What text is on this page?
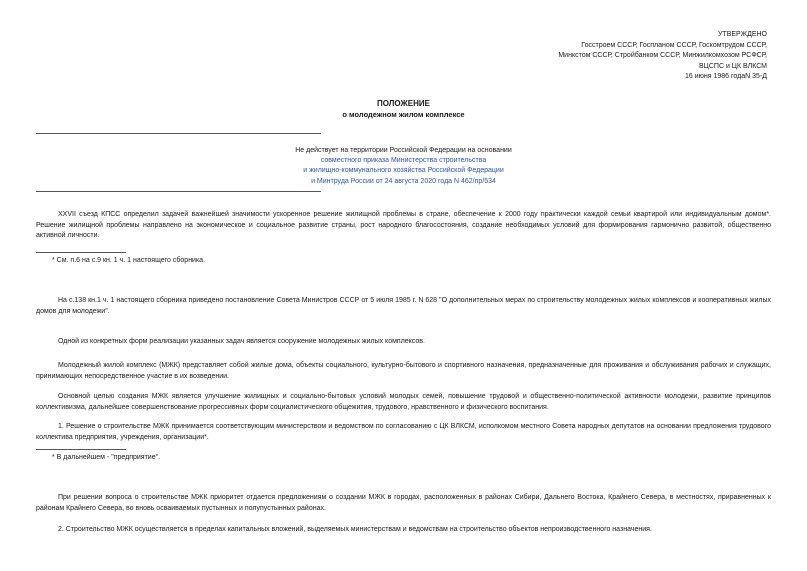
УТВЕРЖДЕНО
Госстроем СССР, Госпланом СССР, Госкомтрудом СССР,
Минкстом СССР, Стройбанком СССР, Минжилкомхозом РСФСР,
ВЦСПС и ЦК ВЛКСМ
16 июня 1986 годаN 35-Д
ПОЛОЖЕНИЕ
о молодежном жилом комплексе
Не действует на территории Российской Федерации на основании
совместного приказа Министерства строительства
и жилищно-коммунального хозяйства Российской Федерации
и Минтруда России от 24 августа 2020 года N 462/пр/534
XXVII съезд КПСС определил задачей важнейшей значимости ускоренное решение жилищной проблемы в стране, обеспечение к 2000 году практически каждой семьи квартирой или индивидуальным домом*. Решение жилищной проблемы направлено на экономическое и социальное развитие страны, рост народного благосостояния, создание необходимых условий для формирования гармонично развитой, общественно активной личности.
* См. п.6 на с.9 кн. 1 ч. 1 настоящего сборника.
На с.138 кн.1 ч. 1 настоящего сборника приведено постановление Совета Министров СССР от 5 июля 1985 г. N 628 "О дополнительных мерах по строительству молодежных жилых комплексов и кооперативных жилых домов для молодежи".
Одной из конкретных форм реализации указанных задач является сооружение молодежных жилых комплексов.
Молодежный жилой комплекс (МЖК) представляет собой жилые дома, объекты социального, культурно-бытового и спортивного назначения, предназначенные для проживания и обслуживания рабочих и служащих, принимающих непосредственное участие в их возведении.
Основной целью создания МЖК является улучшение жилищных и социально-бытовых условий молодых семей, повышение трудовой и общественно-политической активности молодежи, развитие принципов коллективизма, дальнейшее совершенствование прогрессивных форм социалистического общежития, трудового, нравственного и физического воспитания.
1. Решение о строительстве МЖК принимается соответствующим министерством и ведомством по согласованию с ЦК ВЛКСМ, исполкомом местного Совета народных депутатов на основании предложения трудового коллектива предприятия, учреждения, организации*.
* В дальнейшем - "предприятие".
При решении вопроса о строительстве МЖК приоритет отдается предложениям о создании МЖК в городах, расположенных в районах Сибири, Дальнего Востока, Крайнего Севера, в местностях, приравненных к районам Крайнего Севера, во вновь осваиваемых пустынных и полупустынных районах.
2. Строительство МЖК осуществляется в пределах капитальных вложений, выделяемых министерствам и ведомствам на строительство объектов непроизводственного назначения.
